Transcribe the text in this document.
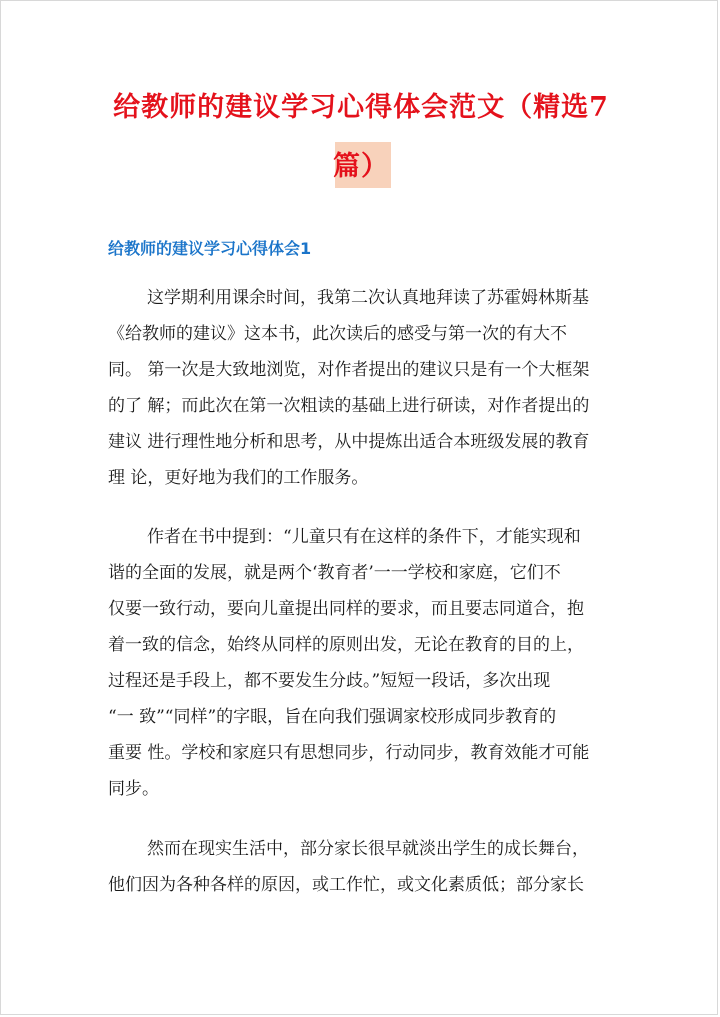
给教师的建议学习心得体会范文（精选7
篇）
给教师的建议学习心得体会1
这学期利用课余时间，我第二次认真地拜读了苏霍姆林斯基
《给教师的建议》这本书，此次读后的感受与第一次的有大不
同。 第一次是大致地浏览，对作者提出的建议只是有一个大框架
的了 解；而此次在第一次粗读的基础上进行研读，对作者提出的
建议 进行理性地分析和思考，从中提炼出适合本班级发展的教育
理 论，更好地为我们的工作服务。
作者在书中提到：“儿童只有在这样的条件下，才能实现和
谐的全面的发展，就是两个‘教育者’一一学校和家庭，它们不
仅要一致行动，要向儿童提出同样的要求，而且要志同道合，抱
着一致的信念，始终从同样的原则出发，无论在教育的目的上，
过程还是手段上，都不要发生分歧。”短短一段话，多次出现
“一 致”“同样”的字眼，旨在向我们强调家校形成同步教育的
重要 性。学校和家庭只有思想同步，行动同步，教育效能才可能
同步。
然而在现实生活中，部分家长很早就淡出学生的成长舞台，
他们因为各种各样的原因，或工作忙，或文化素质低；部分家长
